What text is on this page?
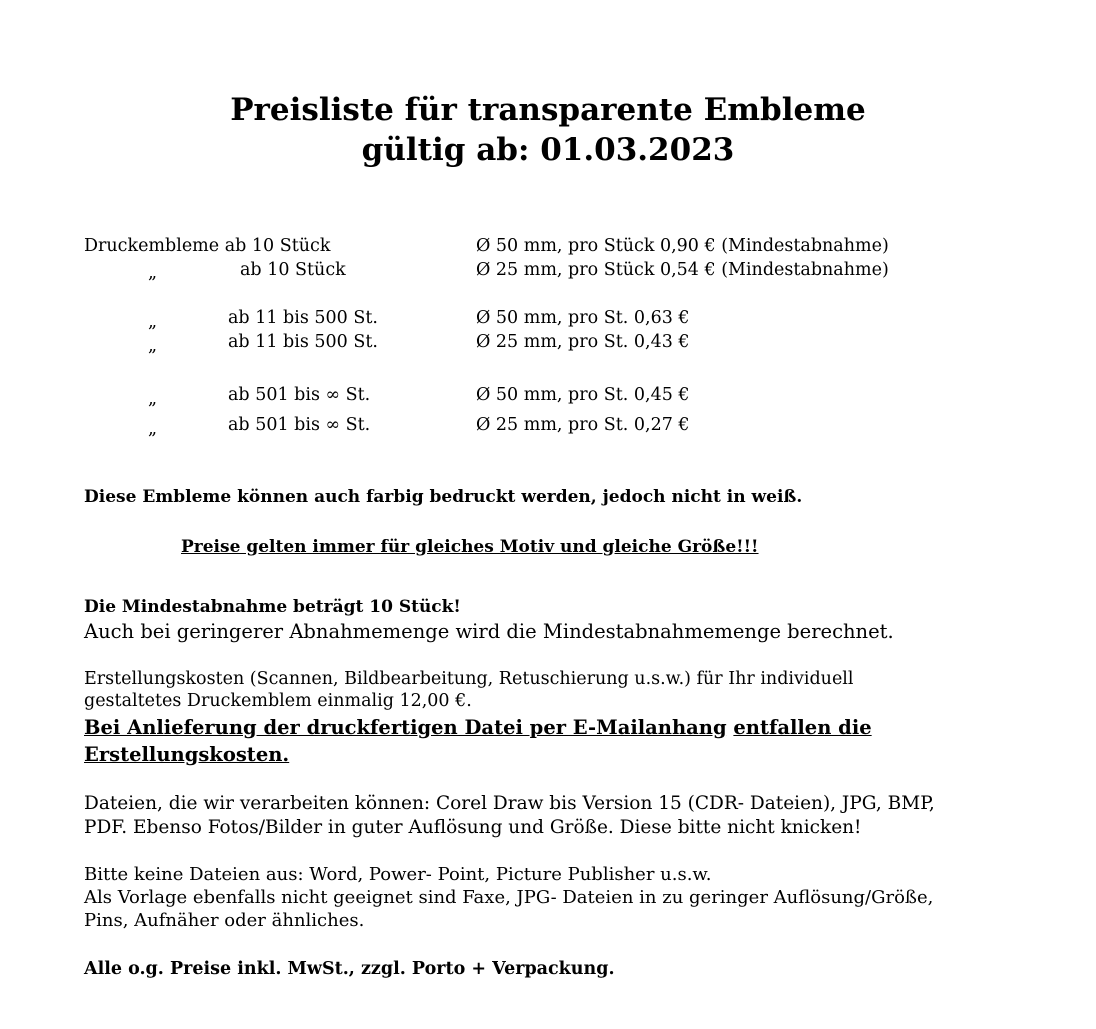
Preisliste für transparente Embleme
gültig ab: 01.03.2023
Druckembleme ab 10 Stück	Ø 50 mm, pro Stück 0,90 € (Mindestabnahme)
„	ab 10 Stück	Ø 25 mm, pro Stück 0,54 € (Mindestabnahme)
„	ab 11 bis 500 St.	Ø 50 mm, pro St. 0,63 €
„	ab 11 bis 500 St.	Ø 25 mm, pro St. 0,43 €
„	ab 501 bis ∞ St.	Ø 50 mm, pro St. 0,45 €
„	ab 501 bis ∞ St.	Ø 25 mm, pro St. 0,27 €

Diese Embleme können auch farbig bedruckt werden, jedoch nicht in weiß.

Preise gelten immer für gleiches Motiv und gleiche Größe!!!

Die Mindestabnahme beträgt 10 Stück!

Auch bei geringerer Abnahmemenge wird die Mindestabnahmemenge berechnet.

Erstellungskosten (Scannen, Bildbearbeitung, Retuschierung u.s.w.) für Ihr individuell

gestaltetes Druckemblem einmalig 12,00 €.

Bei Anlieferung der druckfertigen Datei per E-Mailanhang entfallen die

Erstellungskosten.

Dateien, die wir verarbeiten können: Corel Draw bis Version 15 (CDR- Dateien), JPG, BMP,

PDF. Ebenso Fotos/Bilder in guter Auflösung und Größe. Diese bitte nicht knicken!

Bitte keine Dateien aus: Word, Power- Point, Picture Publisher u.s.w.

Als Vorlage ebenfalls nicht geeignet sind Faxe, JPG- Dateien in zu geringer Auflösung/Größe,

Pins, Aufnäher oder ähnliches.

Alle o.g. Preise inkl. MwSt., zzgl. Porto + Verpackung.
